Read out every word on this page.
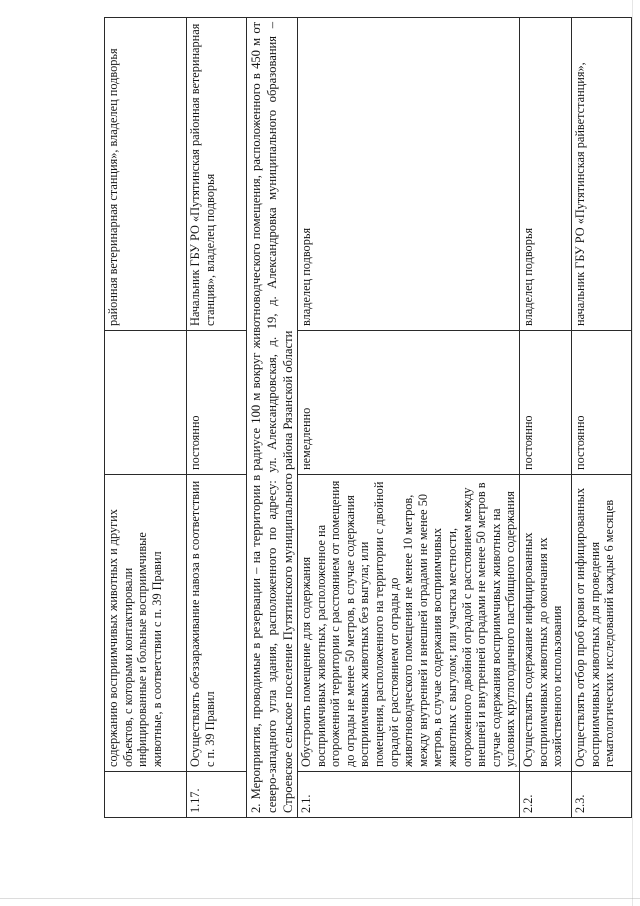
	содержанию восприимчивых животных и других объектов, с которыми контактировали инфицированные и больные восприимчивые животные, в соответствии с п. 39 Правил		районная ветеринарная станция», владелец подворья
1.17.	Осуществлять обеззараживание навоза в соответствии с п. 39 Правил	постоянно	Начальник ГБУ РО «Путятинская районная ветеринарная станция», владелец подворья
2. Мероприятия, проводимые в резервации – на территории в радиусе 100 м вокруг животноводческого помещения, расположенного в 450 м от северо-западного угла здания, расположенного по адресу: ул. Александровская, д. 19, д. Александровка муниципального образования – Строевское сельское поселение Путятинского муниципального района Рязанской области			
2.1.	Обустроить помещение для содержания восприимчивых животных, расположенное на огороженной территории с расстоянием от помещения до ограды не менее 50 метров, в случае содержания восприимчивых животных без выгула; или помещения, расположенного на территории с двойной оградой с расстоянием от ограды до животноводческого помещения не менее 10 метров, между внутренней и внешней оградами не менее 50 метров, в случае содержания восприимчивых животных с выгулом; или участка местности, огороженного двойной оградой с расстоянием между внешней и внутренней оградами не менее 50 метров в случае содержания восприимчивых животных на условиях круглогодичного пастбищного содержания	немедленно	владелец подворья
2.2.	Осуществлять содержание инфицированных восприимчивых животных до окончания их хозяйственного использования	постоянно	владелец подворья
2.3.	Осуществлять отбор проб крови от инфицированных восприимчивых животных для проведения гематологических исследований каждые 6 месяцев	постоянно	начальник ГБУ РО «Путятинская райветстанция»,
